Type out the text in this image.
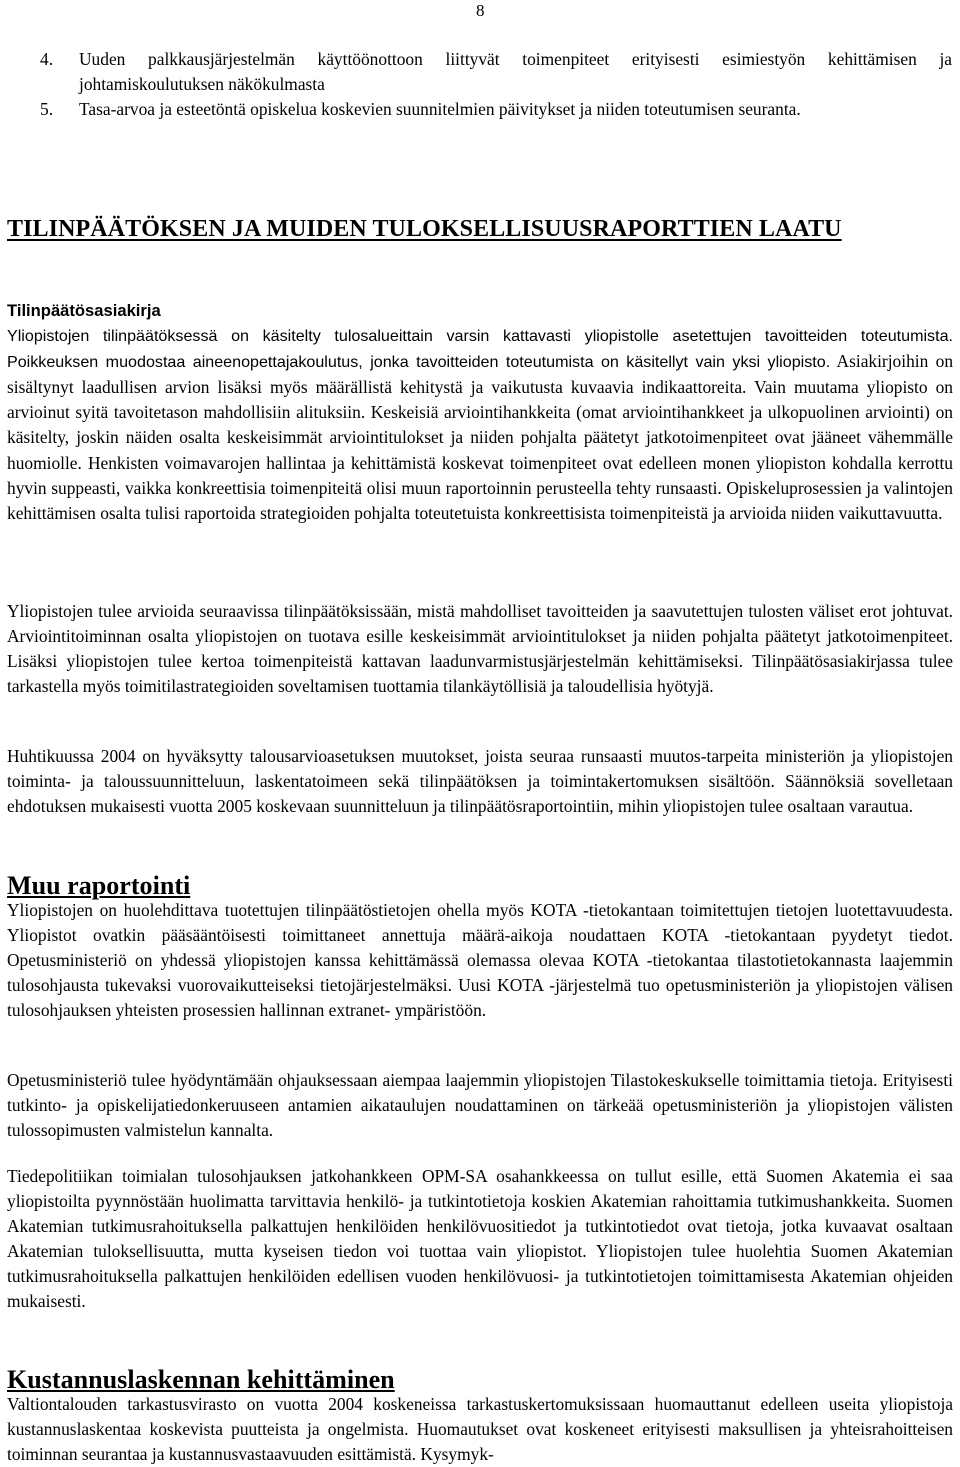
8
4. Uuden palkkausjärjestelmän käyttöönottoon liittyvät toimenpiteet erityisesti esimiestyön kehittämisen ja johtamiskoulutuksen näkökulmasta
5. Tasa-arvoa ja esteetöntä opiskelua koskevien suunnitelmien päivitykset ja niiden toteutumisen seuranta.
TILINPÄÄTÖKSEN JA MUIDEN TULOKSELLISUUSRAPORTTIEN LAATU
Tilinpäätösasiakirja

Yliopistojen tilinpäätöksessä on käsitelty tulosalueittain varsin kattavasti yliopistolle asetettujen tavoitteiden toteutumista. Poikkeuksen muodostaa aineenopettajakoulutus, jonka tavoitteiden toteutumista on käsitellyt vain yksi yliopisto. Asiakirjoihin on sisältynyt laadullisen arvion lisäksi myös määrällistä kehitystä ja vaikutusta kuvaavia indikaattoreita. Vain muutama yliopisto on arvioinut syitä tavoitetason mahdollisiin alituksiin. Keskeisiä arviointihankkeita (omat arviointihankkeet ja ulkopuolinen arviointi) on käsitelty, joskin näiden osalta keskeisimmät arviointitulokset ja niiden pohjalta päätetyt jatkotoimenpiteet ovat jääneet vähemmälle huomiolle. Henkisten voimavarojen hallintaa ja kehittämistä koskevat toimenpiteet ovat edelleen monen yliopiston kohdalla kerrottu hyvin suppeasti, vaikka konkreettisia toimenpiteitä olisi muun raportoinnin perusteella tehty runsaasti. Opiskeluprosessien ja valintojen kehittämisen osalta tulisi raportoida strategioiden pohjalta toteutetuista konkreettisista toimenpiteistä ja arvioida niiden vaikuttavuutta.

Yliopistojen tulee arvioida seuraavissa tilinpäätöksissään, mistä mahdolliset tavoitteiden ja saavutettujen tulosten väliset erot johtuvat. Arviointitoiminnan osalta yliopistojen on tuotava esille keskeisimmät arviointitulokset ja niiden pohjalta päätetyt jatkotoimenpiteet. Lisäksi yliopistojen tulee kertoa toimenpiteistä kattavan laadunvarmistusjärjestelmän kehittämiseksi. Tilinpäätösasiakirjassa tulee tarkastella myös toimitilastrategioiden soveltamisen tuottamia tilankäytöllisiä ja taloudellisia hyötyjä.

Huhtikuussa 2004 on hyväksytty talousarvioasetuksen muutokset, joista seuraa runsaasti muutos-tarpeita ministeriön ja yliopistojen toiminta- ja taloussuunnitteluun, laskentatoimeen sekä tilinpäätöksen ja toimintakertomuksen sisältöön. Säännöksiä sovelletaan ehdotuksen mukaisesti vuotta 2005 koskevaan suunnitteluun ja tilinpäätösraportointiin, mihin yliopistojen tulee osaltaan varautua.

Muu raportointi

Yliopistojen on huolehdittava tuotettujen tilinpäätöstietojen ohella myös KOTA -tietokantaan toimitettujen tietojen luotettavuudesta. Yliopistot ovatkin pääsääntöisesti toimittaneet annettuja määrä-aikoja noudattaen KOTA -tietokantaan pyydetyt tiedot. Opetusministeriö on yhdessä yliopistojen kanssa kehittämässä olemassa olevaa KOTA -tietokantaa tilastotietokannasta laajemmin tulosohjausta tukevaksi vuorovaikutteiseksi tietojärjestelmäksi. Uusi KOTA -järjestelmä tuo opetusministeriön ja yliopistojen välisen tulosohjauksen yhteisten prosessien hallinnan extranet- ympäristöön.

Opetusministeriö tulee hyödyntämään ohjauksessaan aiempaa laajemmin yliopistojen Tilastokeskukselle toimittamia tietoja. Erityisesti tutkinto- ja opiskelijatiedonkeruuseen antamien aikataulujen noudattaminen on tärkeää opetusministeriön ja yliopistojen välisten tulossopimusten valmistelun kannalta.

Tiedepolitiikan toimialan tulosohjauksen jatkohankkeen OPM-SA osahankkeessa on tullut esille, että Suomen Akatemia ei saa yliopistoilta pyynnöstään huolimatta tarvittavia henkilö- ja tutkintotietoja koskien Akatemian rahoittamia tutkimushankkeita. Suomen Akatemian tutkimusrahoituksella palkattujen henkilöiden henkilövuositiedot ja tutkintotiedot ovat tietoja, jotka kuvaavat osaltaan Akatemian tuloksellisuutta, mutta kyseisen tiedon voi tuottaa vain yliopistot. Yliopistojen tulee huolehtia Suomen Akatemian tutkimusrahoituksella palkattujen henkilöiden edellisen vuoden henkilövuosi- ja tutkintotietojen toimittamisesta Akatemian ohjeiden mukaisesti.

Kustannuslaskennan kehittäminen

Valtiontalouden tarkastusvirasto on vuotta 2004 koskeneissa tarkastuskertomuksissaan huomauttanut edelleen useita yliopistoja kustannuslaskentaa koskevista puutteista ja ongelmista. Huomautukset ovat koskeneet erityisesti maksullisen ja yhteisrahoitteisen toiminnan seurantaa ja kustannusvastaavuuden esittämistä. Kysymyk-
